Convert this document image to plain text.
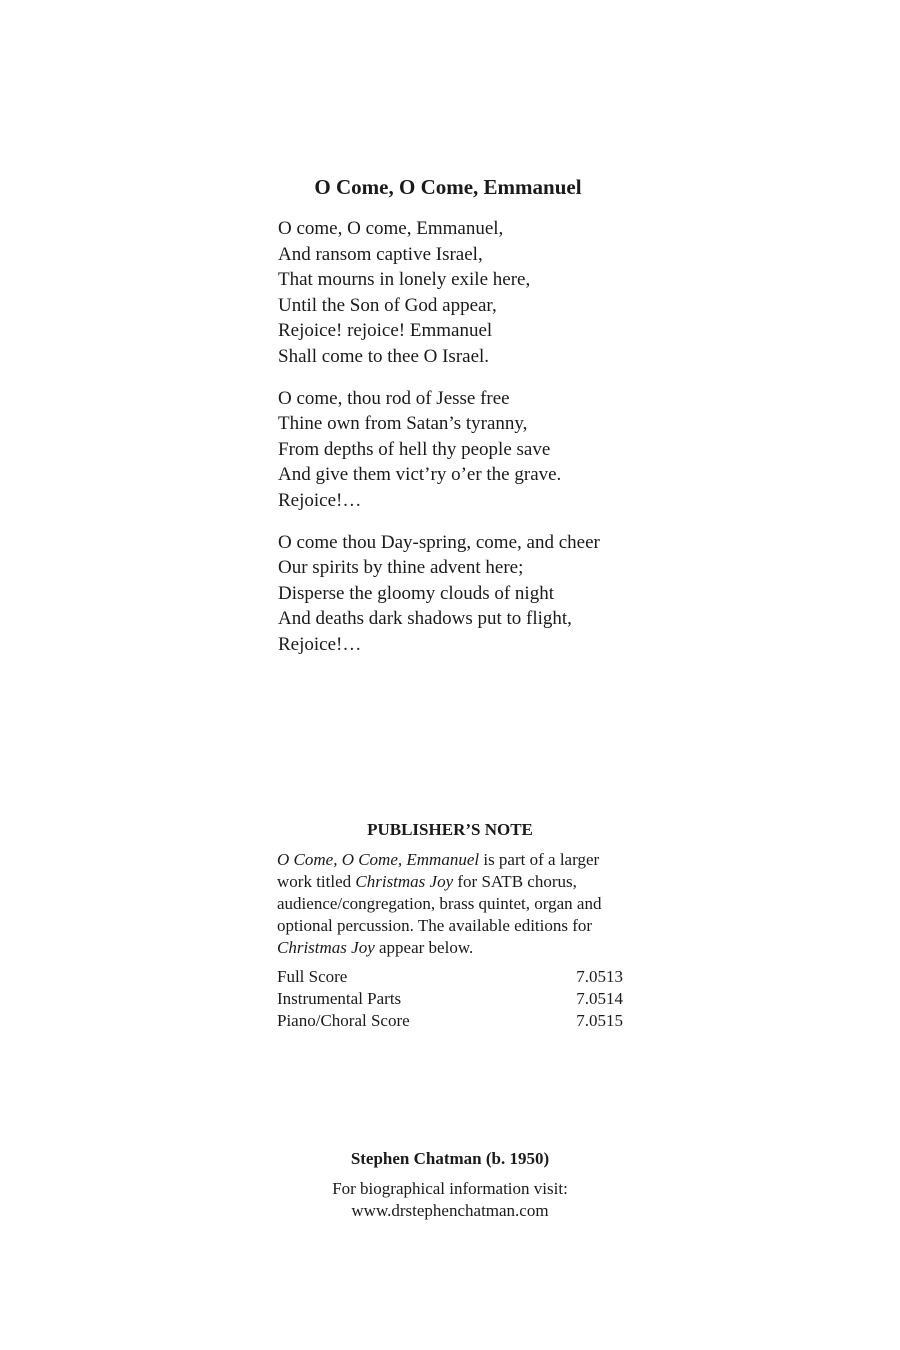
O Come, O Come, Emmanuel

O come, O come, Emmanuel,
And ransom captive Israel,
That mourns in lonely exile here,
Until the Son of God appear,
Rejoice! rejoice! Emmanuel
Shall come to thee O Israel.

O come, thou rod of Jesse free
Thine own from Satan’s tyranny,
From depths of hell thy people save
And give them vict’ry o’er the grave.
Rejoice!…

O come thou Day-spring, come, and cheer
Our spirits by thine advent here;
Disperse the gloomy clouds of night
And deaths dark shadows put to flight,
Rejoice!…

PUBLISHER’S NOTE

O Come, O Come, Emmanuel is part of a larger work titled Christmas Joy for SATB chorus, audience/congregation, brass quintet, organ and optional percussion. The available editions for Christmas Joy appear below.

Full Score	7.0513
Instrumental Parts	7.0514
Piano/Choral Score	7.0515
Stephen Chatman (b. 1950)

For biographical information visit:
www.drstephenchatman.com
